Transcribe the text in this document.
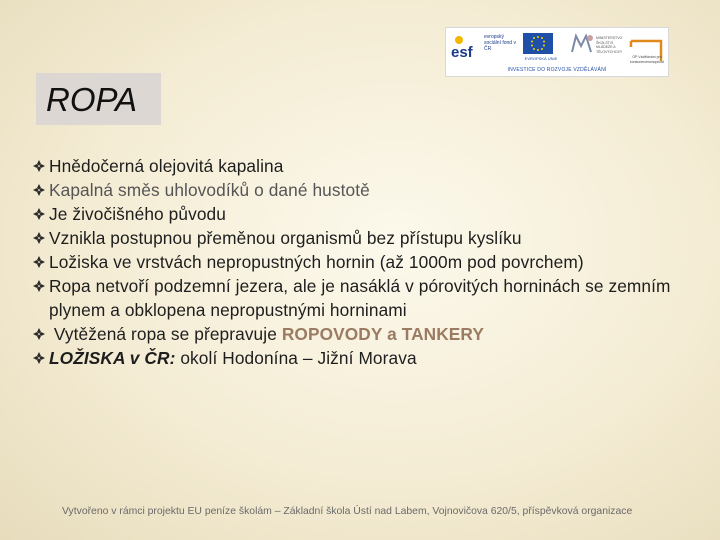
esf
evropský sociální fond v ČR
EVROPSKÁ UNIE
MINISTERSTVO ŠKOLSTVÍ, MLÁDEŽE A TĚLOVÝCHOVY
OP Vzdělávání pro konkurenceschopnost
INVESTICE DO ROZVOJE VZDĚLÁVÁNÍ
ROPA
Hnědočerná olejovitá kapalina
Kapalná směs uhlovodíků o dané hustotě
Je živočišného původu
Vznikla postupnou přeměnou organismů bez přístupu kyslíku
Ložiska ve vrstvách nepropustných hornin (až 1000m pod povrchem)
Ropa netvoří podzemní jezera, ale je nasáklá v pórovitých horninách se zemním plynem a obklopena nepropustnými horninami
Vytěžená ropa se přepravuje ROPOVODY a TANKERY
LOŽISKA v ČR: okolí Hodonína – Jižní Morava
Vytvořeno v rámci projektu EU peníze školám – Základní škola Ústí nad Labem, Vojnovičova 620/5, příspěvková organizace
